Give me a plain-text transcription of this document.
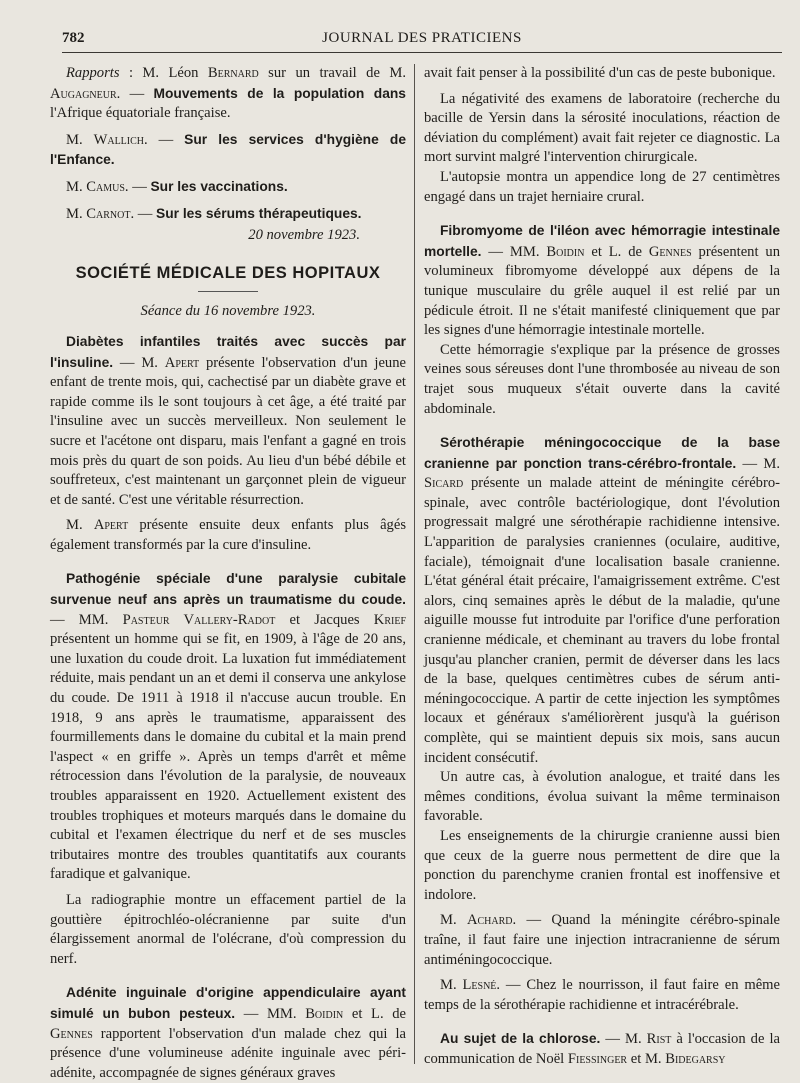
782	JOURNAL DES PRATICIENS

Rapports : M. Léon Bernard sur un travail de M. Augagneur. — Mouvements de la population dans l'Afrique équatoriale française.

M. Wallich. — Sur les services d'hygiène de l'Enfance.

M. Camus. — Sur les vaccinations.

M. Carnot. — Sur les sérums thérapeutiques.

20 novembre 1923.
SOCIÉTÉ MÉDICALE DES HOPITAUX
Séance du 16 novembre 1923.

Diabètes infantiles traités avec succès par l'insuline. — M. Apert présente l'observation d'un jeune enfant de trente mois, qui, cachectisé par un diabète grave et rapide comme ils le sont toujours à cet âge, a été traité par l'insuline avec un succès merveilleux. Non seulement le sucre et l'acétone ont disparu, mais l'enfant a gagné en trois mois près du quart de son poids. Au lieu d'un bébé débile et souffreteux, c'est maintenant un garçonnet plein de vigueur et de santé. C'est une véritable résurrection.

M. Apert présente ensuite deux enfants plus âgés également transformés par la cure d'insuline.

Pathogénie spéciale d'une paralysie cubitale survenue neuf ans après un traumatisme du coude. — MM. Pasteur Vallery-Radot et Jacques Krief présentent un homme qui se fit, en 1909, à l'âge de 20 ans, une luxation du coude droit. La luxation fut immédiatement réduite, mais pendant un an et demi il conserva une ankylose du coude. De 1911 à 1918 il n'accuse aucun trouble. En 1918, 9 ans après le traumatisme, apparaissent des fourmillements dans le domaine du cubital et la main prend l'aspect « en griffe ». Après un temps d'arrêt et même rétrocession dans l'évolution de la paralysie, de nouveaux troubles apparaissent en 1920. Actuellement existent des troubles trophiques et moteurs marqués dans le domaine du cubital et l'examen électrique du nerf et de ses muscles tributaires montre des troubles quantitatifs aux courants faradique et galvanique.

La radiographie montre un effacement partiel de la gouttière épitrochléo-olécranienne par suite d'un élargissement anormal de l'olécrane, d'où compression du nerf.

Adénite inguinale d'origine appendiculaire ayant simulé un bubon pesteux. — MM. Boidin et L. de Gennes rapportent l'observation d'un malade chez qui la présence d'une volumineuse adénite inguinale avec péri-adénite, accompagnée de signes généraux graves

avait fait penser à la possibilité d'un cas de peste bubonique.

La négativité des examens de laboratoire (recherche du bacille de Yersin dans la sérosité inoculations, réaction de déviation du complément) avait fait rejeter ce diagnostic. La mort survint malgré l'intervention chirurgicale.

L'autopsie montra un appendice long de 27 centimètres engagé dans un trajet herniaire crural.

Fibromyome de l'iléon avec hémorragie intestinale mortelle. — MM. Boidin et L. de Gennes présentent un volumineux fibromyome développé aux dépens de la tunique musculaire du grêle auquel il est relié par un pédicule étroit. Il ne s'était manifesté cliniquement que par les signes d'une hémorragie intestinale mortelle.

Cette hémorragie s'explique par la présence de grosses veines sous séreuses dont l'une thrombosée au niveau de son trajet sous muqueux s'était ouverte dans la cavité abdominale.

Sérothérapie méningococcique de la base cranienne par ponction trans-cérébro-frontale. — M. Sicard présente un malade atteint de méningite cérébro-spinale, avec contrôle bactériologique, dont l'évolution progressait malgré une sérothérapie rachidienne intensive. L'apparition de paralysies craniennes (oculaire, auditive, faciale), témoignait d'une localisation basale cranienne. L'état général était précaire, l'amaigrissement extrême. C'est alors, cinq semaines après le début de la maladie, qu'une aiguille mousse fut introduite par l'orifice d'une perforation cranienne médicale, et cheminant au travers du lobe frontal jusqu'au plancher cranien, permit de déverser dans les lacs de la base, quelques centimètres cubes de sérum anti-méningococcique. A partir de cette injection les symptômes locaux et généraux s'améliorèrent jusqu'à la guérison complète, qui se maintient depuis six mois, sans aucun incident consécutif.

Un autre cas, à évolution analogue, et traité dans les mêmes conditions, évolua suivant la même terminaison favorable.

Les enseignements de la chirurgie cranienne aussi bien que ceux de la guerre nous permettent de dire que la ponction du parenchyme cranien frontal est inoffensive et indolore.

M. Achard. — Quand la méningite cérébro-spinale traîne, il faut faire une injection intracranienne de sérum antiméningococcique.

M. Lesné. — Chez le nourrisson, il faut faire en même temps de la sérothérapie rachidienne et intracérébrale.

Au sujet de la chlorose. — M. Rist à l'occasion de la communication de Noël Fiessinger et M. Bidegarsy
